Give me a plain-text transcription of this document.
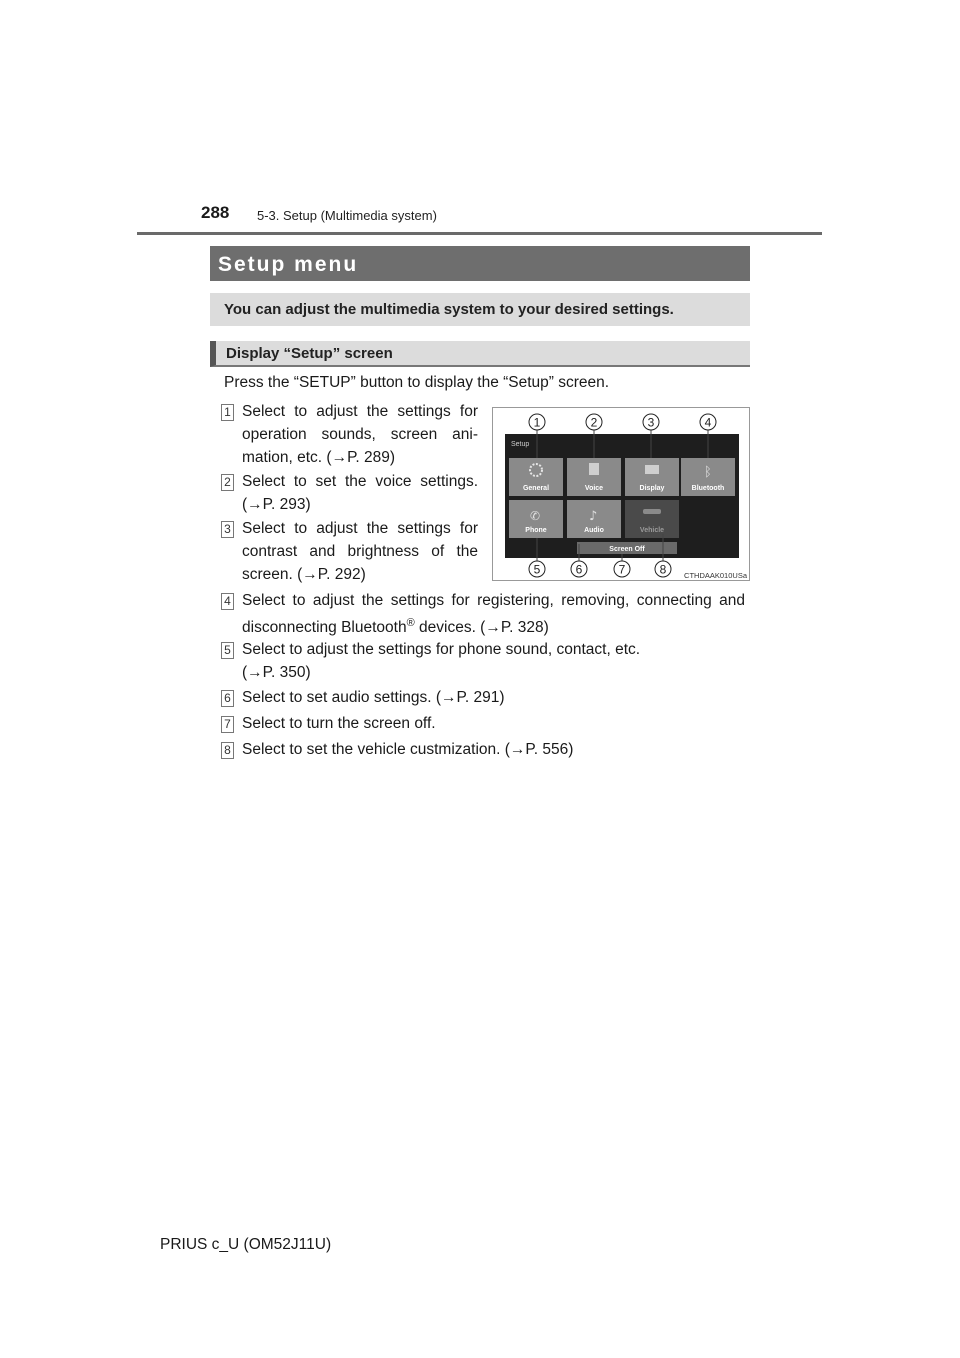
288 5-3. Setup (Multimedia system)
Setup menu
You can adjust the multimedia system to your desired settings.
Display “Setup” screen
Press the “SETUP” button to display the “Setup” screen.
1 Select to adjust the settings for operation sounds, screen ani-mation, etc. (→P. 289)
2 Select to set the voice settings. (→P. 293)
3 Select to adjust the settings for contrast and brightness of the screen. (→P. 292)
4 Select to adjust the settings for registering, removing, connecting and disconnecting Bluetooth® devices. (→P. 328)
5 Select to adjust the settings for phone sound, contact, etc.
(→P. 350)
6 Select to set audio settings. (→P. 291)
7 Select to turn the screen off.
8 Select to set the vehicle custmization. (→P. 556)
Setup
ᛒ
✆	♪
General	Voice	Display	Bluetooth
Phone	Audio	Vehicle
Screen Off
1	2	3	4
5	6	7	8 CTHDAAK010USa
PRIUS c_U (OM52J11U)
